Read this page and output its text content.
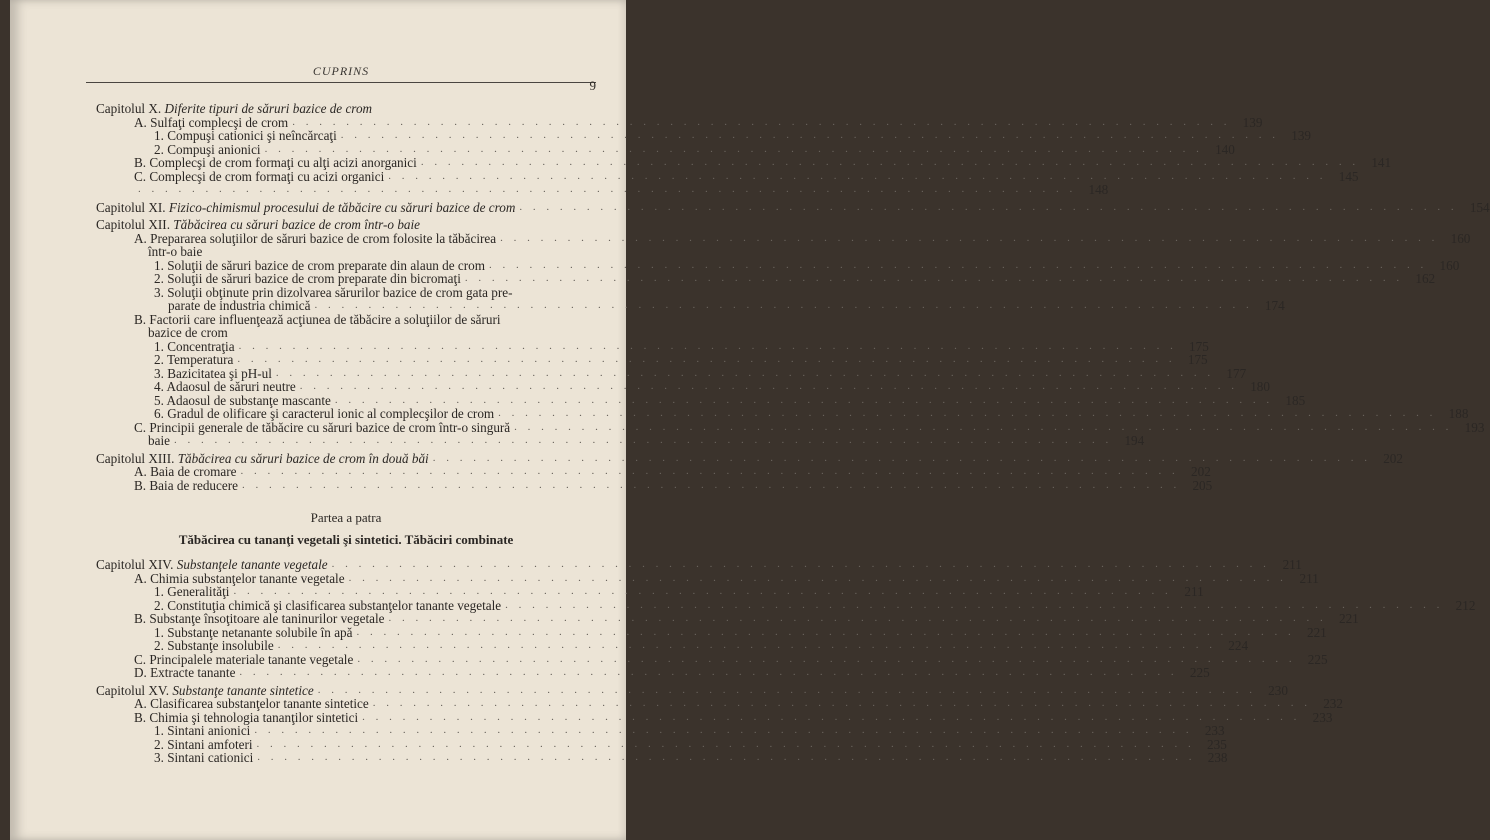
CUPRINS
9
Capitolul X. Diferite tipuri de săruri bazice de crom
A. Sulfaţi complecşi de crom . . .	139
1. Compuşi cationici şi neîncărcaţi . . .	139
2. Compuşi anionici . . .	140
B. Complecşi de crom formaţi cu alţi acizi anorganici . . .	141
C. Complecşi de crom formaţi cu acizi organici . . .	145
. . .
148
Capitolul XI. Fizico-chimismul procesului de tăbăcire cu săruri bazice de crom . . .	154
Capitolul XII. Tăbăcirea cu săruri bazice de crom într-o baie
A. Prepararea soluţiilor de săruri bazice de crom folosite la tăbăcirea . . .	160
într-o baie
1. Soluţii de săruri bazice de crom preparate din alaun de crom . . .	160
2. Soluţii de săruri bazice de crom preparate din bicromaţi . . .	162
3. Soluţii obţinute prin dizolvarea sărurilor bazice de crom gata pre-
parate de industria chimică . . .	174
B. Factorii care influenţează acţiunea de tăbăcire a soluţiilor de săruri
bazice de crom
1. Concentraţia . . .	175
2. Temperatura . . .	175
3. Bazicitatea şi pH-ul . . .	177
4. Adaosul de săruri neutre . . .	180
5. Adaosul de substanţe mascante . . .	185
6. Gradul de olificare şi caracterul ionic al complecşilor de crom . . .	188
C. Principii generale de tăbăcire cu săruri bazice de crom într-o singură . . .	193
baie . . .	194
Capitolul XIII. Tăbăcirea cu săruri bazice de crom în două băi . . .	202
A. Baia de cromare . . .	202
B. Baia de reducere . . .	205
Partea a patra
Tăbăcirea cu tananţi vegetali şi sintetici. Tăbăciri combinate
Capitolul XIV. Substanţele tanante vegetale . . .	211
A. Chimia substanţelor tanante vegetale . . .	211
1. Generalităţi . . .	211
2. Constituţia chimică şi clasificarea substanţelor tanante vegetale . . .	212
B. Substanţe însoţitoare ale taninurilor vegetale . . .	221
1. Substanţe netanante solubile în apă . . .	221
2. Substanţe insolubile . . .	224
C. Principalele materiale tanante vegetale . . .	225
D. Extracte tanante . . .	225
Capitolul XV. Substanţe tanante sintetice . . .	230
A. Clasificarea substanţelor tanante sintetice . . .	232
B. Chimia şi tehnologia tananţilor sintetici . . .	233
1. Sintani anionici . . .	233
2. Sintani amfoteri . . .	235
3. Sintani cationici . . .	238
